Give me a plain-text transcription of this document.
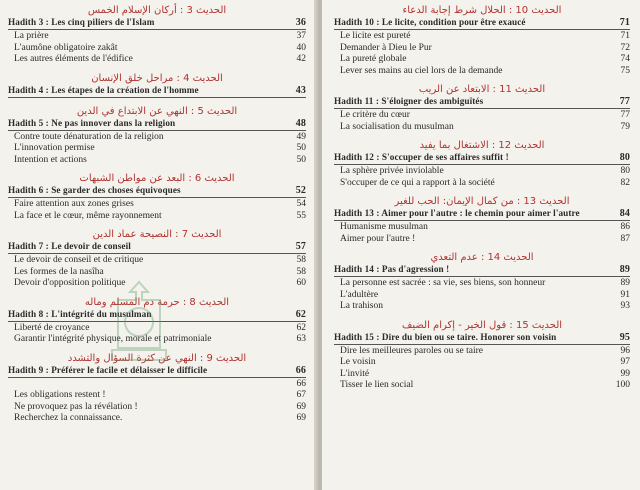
الحديث 3 : أركان الإسلام الخمس
Hadith 3 : Les cinq piliers de l'Islam	36
La prière	37
L'aumône obligatoire zakât	40
Les autres éléments de l'édifice	42
الحديث 4 : مراحل خلق الإنسان
Hadith 4 : Les étapes de la création de l'homme	43
الحديث 5 : النهي عن الابتداع في الدين
Hadith 5 : Ne pas innover dans la religion	48
Contre toute dénaturation de la religion	49
L'innovation permise	50
Intention et actions	50
الحديث 6 : البعد عن مواطن الشبهات
Hadith 6 : Se garder des choses équivoques	52
Faire attention aux zones grises	54
La face et le cœur, même rayonnement	55
الحديث 7 : النصيحة عماد الدين
Hadith 7 : Le devoir de conseil	57
Le devoir de conseil et de critique	58
Les formes de la nasîha	58
Devoir d'opposition politique	60
الحديث 8 : حرمة دم المسلم وماله
Hadith 8 : L'intégrité du musulman	62
Liberté de croyance	62
Garantir l'intégrité physique, morale et patrimoniale	63
الحديث 9 : النهي عن كثرة السؤال والتشدد
Hadith 9 : Préférer le facile et délaisser le difficile	66
66
Les obligations restent !	67
Ne provoquez pas la révélation !	69
Recherchez la connaissance.	69
الحديث 10 : الحلال شرط إجابة الدعاء
Hadith 10 : Le licite, condition pour être exaucé	71
Le licite est pureté	71
Demander à Dieu le Pur	72
La pureté globale	74
Lever ses mains au ciel lors de la demande	75
الحديث 11 : الابتعاد عن الريب
Hadith 11 : S'éloigner des ambiguïtés	77
Le critère du cœur	77
La socialisation du musulman	79
الحديث 12 : الاشتغال بما يفيد
Hadith 12 : S'occuper de ses affaires suffit !	80
La sphère privée inviolable	80
S'occuper de ce qui a rapport à la société	82
الحديث 13 : من كمال الإيمان: الحب للغير
Hadith 13 : Aimer pour l'autre : le chemin pour aimer l'autre	84
Humanisme musulman	86
Aimer pour l'autre !	87
الحديث 14 : عدم التعدي
Hadith 14 : Pas d'agression !	89
La personne est sacrée : sa vie, ses biens, son honneur	89
L'adultère	91
La trahison	93
الحديث 15 : قول الخير - إكرام الضيف
Hadith 15 : Dire du bien ou se taire. Honorer son voisin	95
Dire les meilleures paroles ou se taire	96
Le voisin	97
L'invité	99
Tisser le lien social	100
